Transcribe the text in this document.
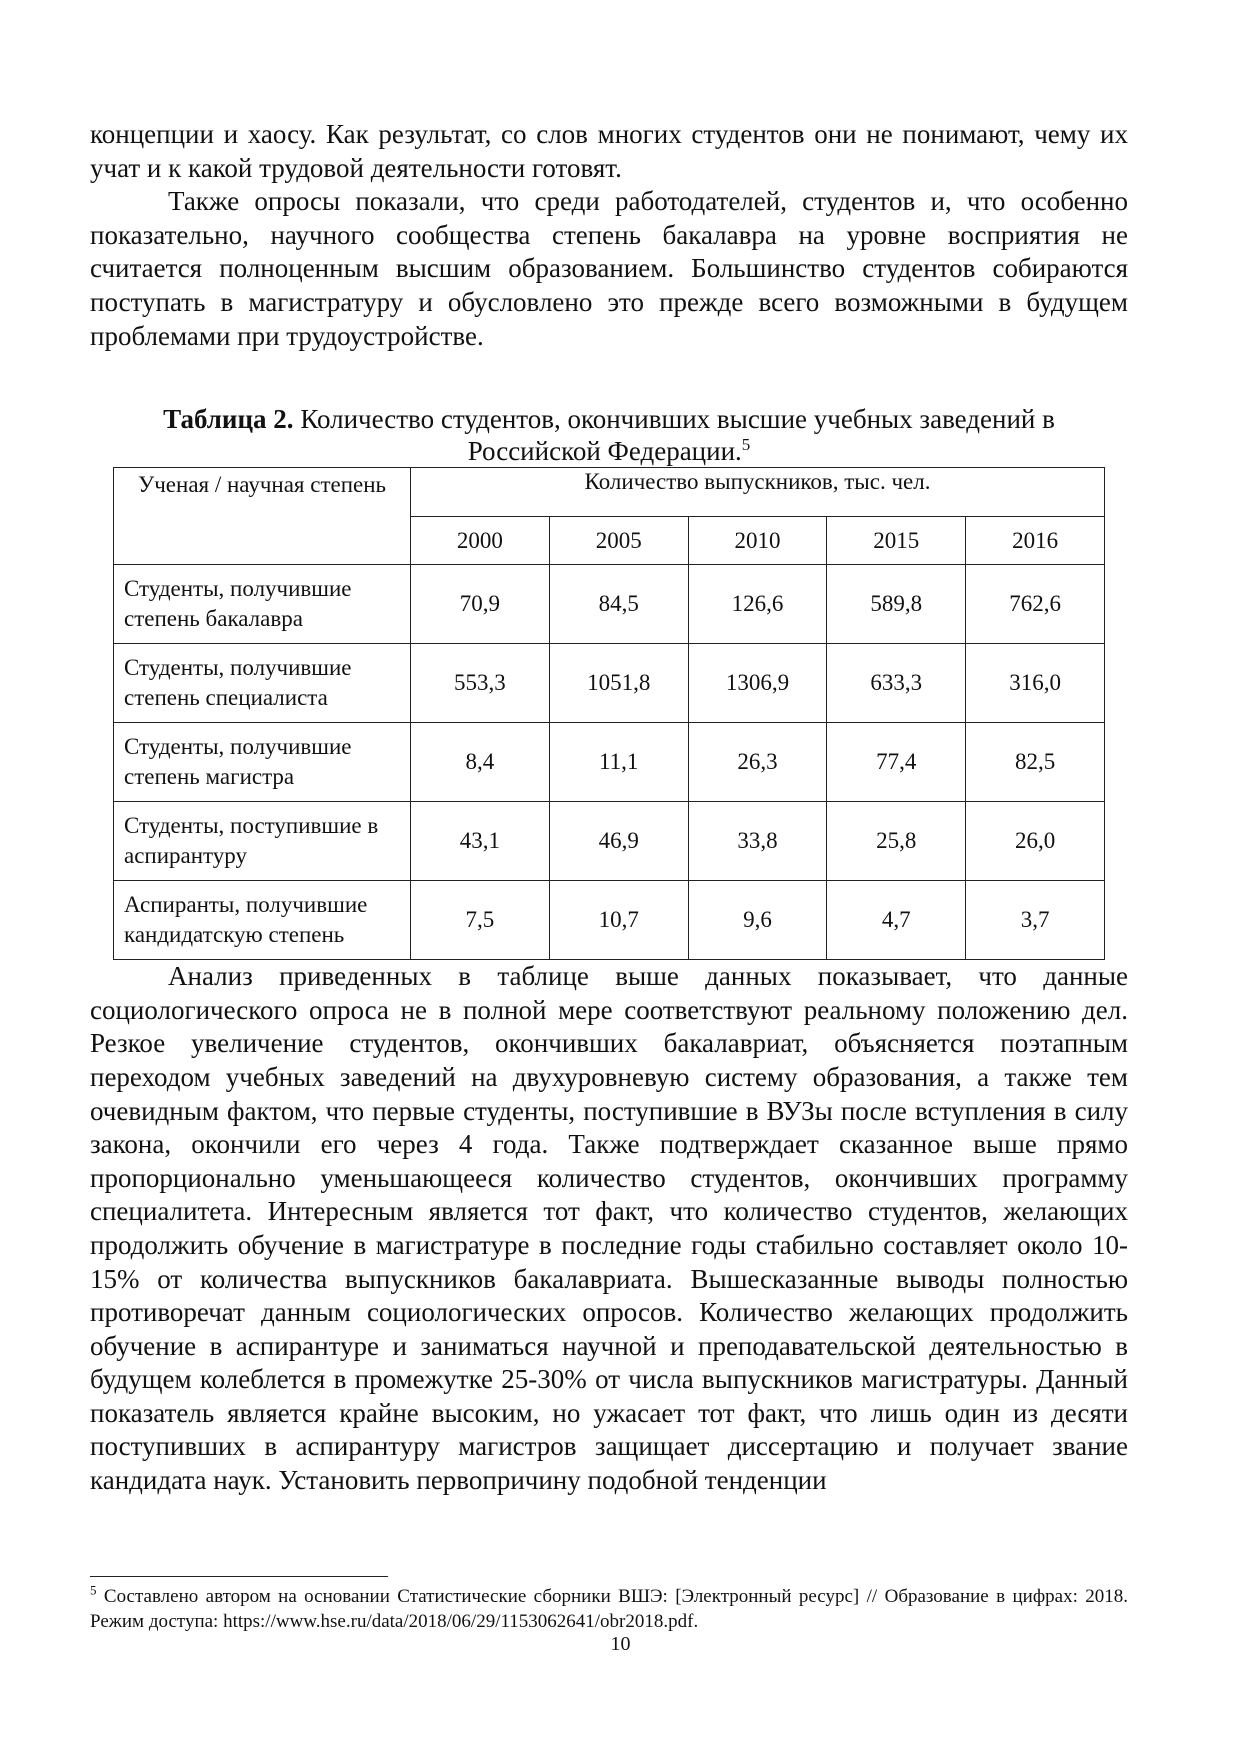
концепции и хаосу. Как результат, со слов многих студентов они не понимают, чему их учат и к какой трудовой деятельности готовят.

Также опросы показали, что среди работодателей, студентов и, что особенно показательно, научного сообщества степень бакалавра на уровне восприятия не считается полноценным высшим образованием. Большинство студентов собираются поступать в магистратуру и обусловлено это прежде всего возможными в будущем проблемами при трудоустройстве.

Таблица 2. Количество студентов, окончивших высшие учебных заведений в Российской Федерации.$^5$
Ученая / научная степень	Количество выпускников, тыс. чел.				
	2000	2005	2010	2015	2016
Студенты, получившие степень бакалавра	70,9	84,5	126,6	589,8	762,6
Студенты, получившие степень специалиста	553,3	1051,8	1306,9	633,3	316,0
Студенты, получившие степень магистра	8,4	11,1	26,3	77,4	82,5
Студенты, поступившие в аспирантуру	43,1	46,9	33,8	25,8	26,0
Аспиранты, получившие кандидатскую степень	7,5	10,7	9,6	4,7	3,7

Анализ приведенных в таблице выше данных показывает, что данные социологического опроса не в полной мере соответствуют реальному положению дел. Резкое увеличение студентов, окончивших бакалавриат, объясняется поэтапным переходом учебных заведений на двухуровневую систему образования, а также тем очевидным фактом, что первые студенты, поступившие в ВУЗы после вступления в силу закона, окончили его через 4 года. Также подтверждает сказанное выше прямо пропорционально уменьшающееся количество студентов, окончивших программу специалитета. Интересным является тот факт, что количество студентов, желающих продолжить обучение в магистратуре в последние годы стабильно составляет около 10-15% от количества выпускников бакалавриата. Вышесказанные выводы полностью противоречат данным социологических опросов. Количество желающих продолжить обучение в аспирантуре и заниматься научной и преподавательской деятельностью в будущем колеблется в промежутке 25-30% от числа выпускников магистратуры. Данный показатель является крайне высоким, но ужасает тот факт, что лишь один из десяти поступивших в аспирантуру магистров защищает диссертацию и получает звание кандидата наук. Установить первопричину подобной тенденции

$^5$ Составлено автором на основании Статистические сборники ВШЭ: [Электронный ресурс] // Образование в цифрах: 2018. Режим доступа: https://www.hse.ru/data/2018/06/29/1153062641/obr2018.pdf.
10
